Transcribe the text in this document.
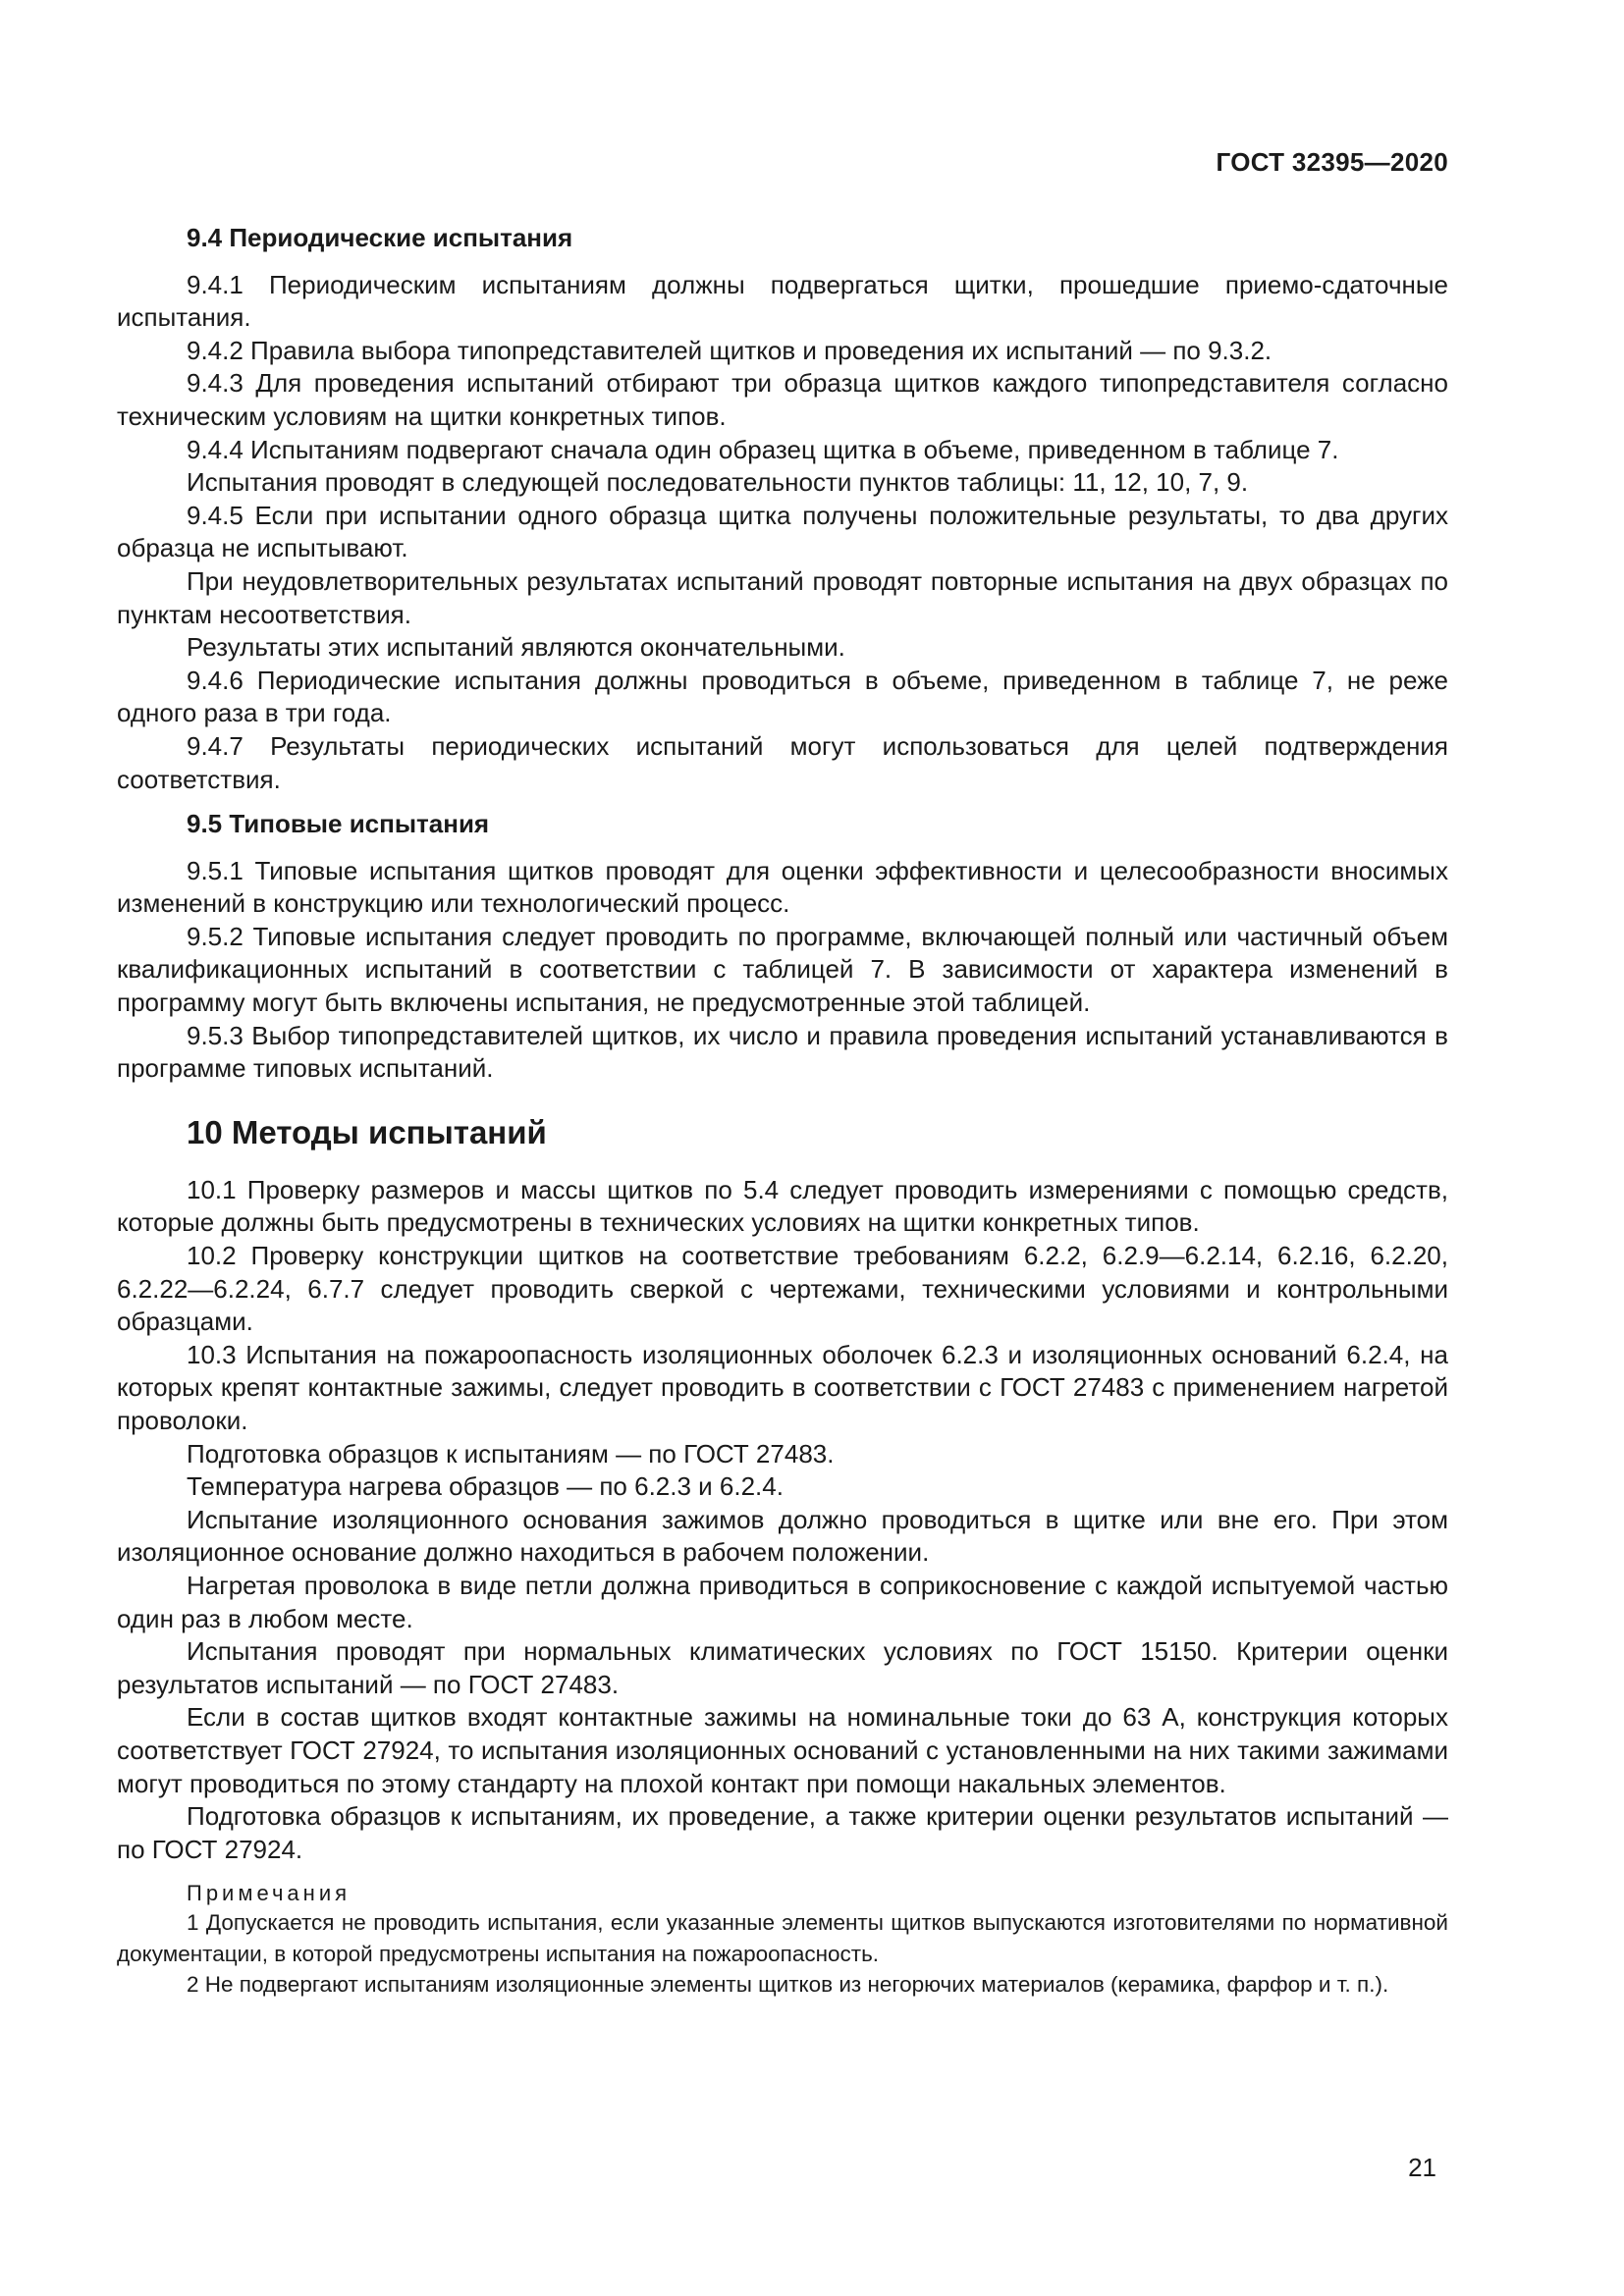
ГОСТ 32395—2020
9.4 Периодические испытания

9.4.1 Периодическим испытаниям должны подвергаться щитки, прошедшие приемо-сдаточные испытания.

9.4.2 Правила выбора типопредставителей щитков и проведения их испытаний — по 9.3.2.

9.4.3 Для проведения испытаний отбирают три образца щитков каждого типопредставителя согласно техническим условиям на щитки конкретных типов.

9.4.4 Испытаниям подвергают сначала один образец щитка в объеме, приведенном в таблице 7.

Испытания проводят в следующей последовательности пунктов таблицы: 11, 12, 10, 7, 9.

9.4.5 Если при испытании одного образца щитка получены положительные результаты, то два других образца не испытывают.

При неудовлетворительных результатах испытаний проводят повторные испытания на двух образцах по пунктам несоответствия.

Результаты этих испытаний являются окончательными.

9.4.6 Периодические испытания должны проводиться в объеме, приведенном в таблице 7, не реже одного раза в три года.

9.4.7 Результаты периодических испытаний могут использоваться для целей подтверждения соответствия.

9.5 Типовые испытания

9.5.1 Типовые испытания щитков проводят для оценки эффективности и целесообразности вносимых изменений в конструкцию или технологический процесс.

9.5.2 Типовые испытания следует проводить по программе, включающей полный или частичный объем квалификационных испытаний в соответствии с таблицей 7. В зависимости от характера изменений в программу могут быть включены испытания, не предусмотренные этой таблицей.

9.5.3 Выбор типопредставителей щитков, их число и правила проведения испытаний устанавливаются в программе типовых испытаний.

10 Методы испытаний

10.1 Проверку размеров и массы щитков по 5.4 следует проводить измерениями с помощью средств, которые должны быть предусмотрены в технических условиях на щитки конкретных типов.

10.2 Проверку конструкции щитков на соответствие требованиям 6.2.2, 6.2.9—6.2.14, 6.2.16, 6.2.20, 6.2.22—6.2.24, 6.7.7 следует проводить сверкой с чертежами, техническими условиями и контрольными образцами.

10.3 Испытания на пожароопасность изоляционных оболочек 6.2.3 и изоляционных оснований 6.2.4, на которых крепят контактные зажимы, следует проводить в соответствии с ГОСТ 27483 с применением нагретой проволоки.

Подготовка образцов к испытаниям — по ГОСТ 27483.

Температура нагрева образцов — по 6.2.3 и 6.2.4.

Испытание изоляционного основания зажимов должно проводиться в щитке или вне его. При этом изоляционное основание должно находиться в рабочем положении.

Нагретая проволока в виде петли должна приводиться в соприкосновение с каждой испытуемой частью один раз в любом месте.

Испытания проводят при нормальных климатических условиях по ГОСТ 15150. Критерии оценки результатов испытаний — по ГОСТ 27483.

Если в состав щитков входят контактные зажимы на номинальные токи до 63 А, конструкция которых соответствует ГОСТ 27924, то испытания изоляционных оснований с установленными на них такими зажимами могут проводиться по этому стандарту на плохой контакт при помощи накальных элементов.

Подготовка образцов к испытаниям, их проведение, а также критерии оценки результатов испытаний — по ГОСТ 27924.

Примечания

1 Допускается не проводить испытания, если указанные элементы щитков выпускаются изготовителями по нормативной документации, в которой предусмотрены испытания на пожароопасность.

2 Не подвергают испытаниям изоляционные элементы щитков из негорючих материалов (керамика, фарфор и т. п.).

21
